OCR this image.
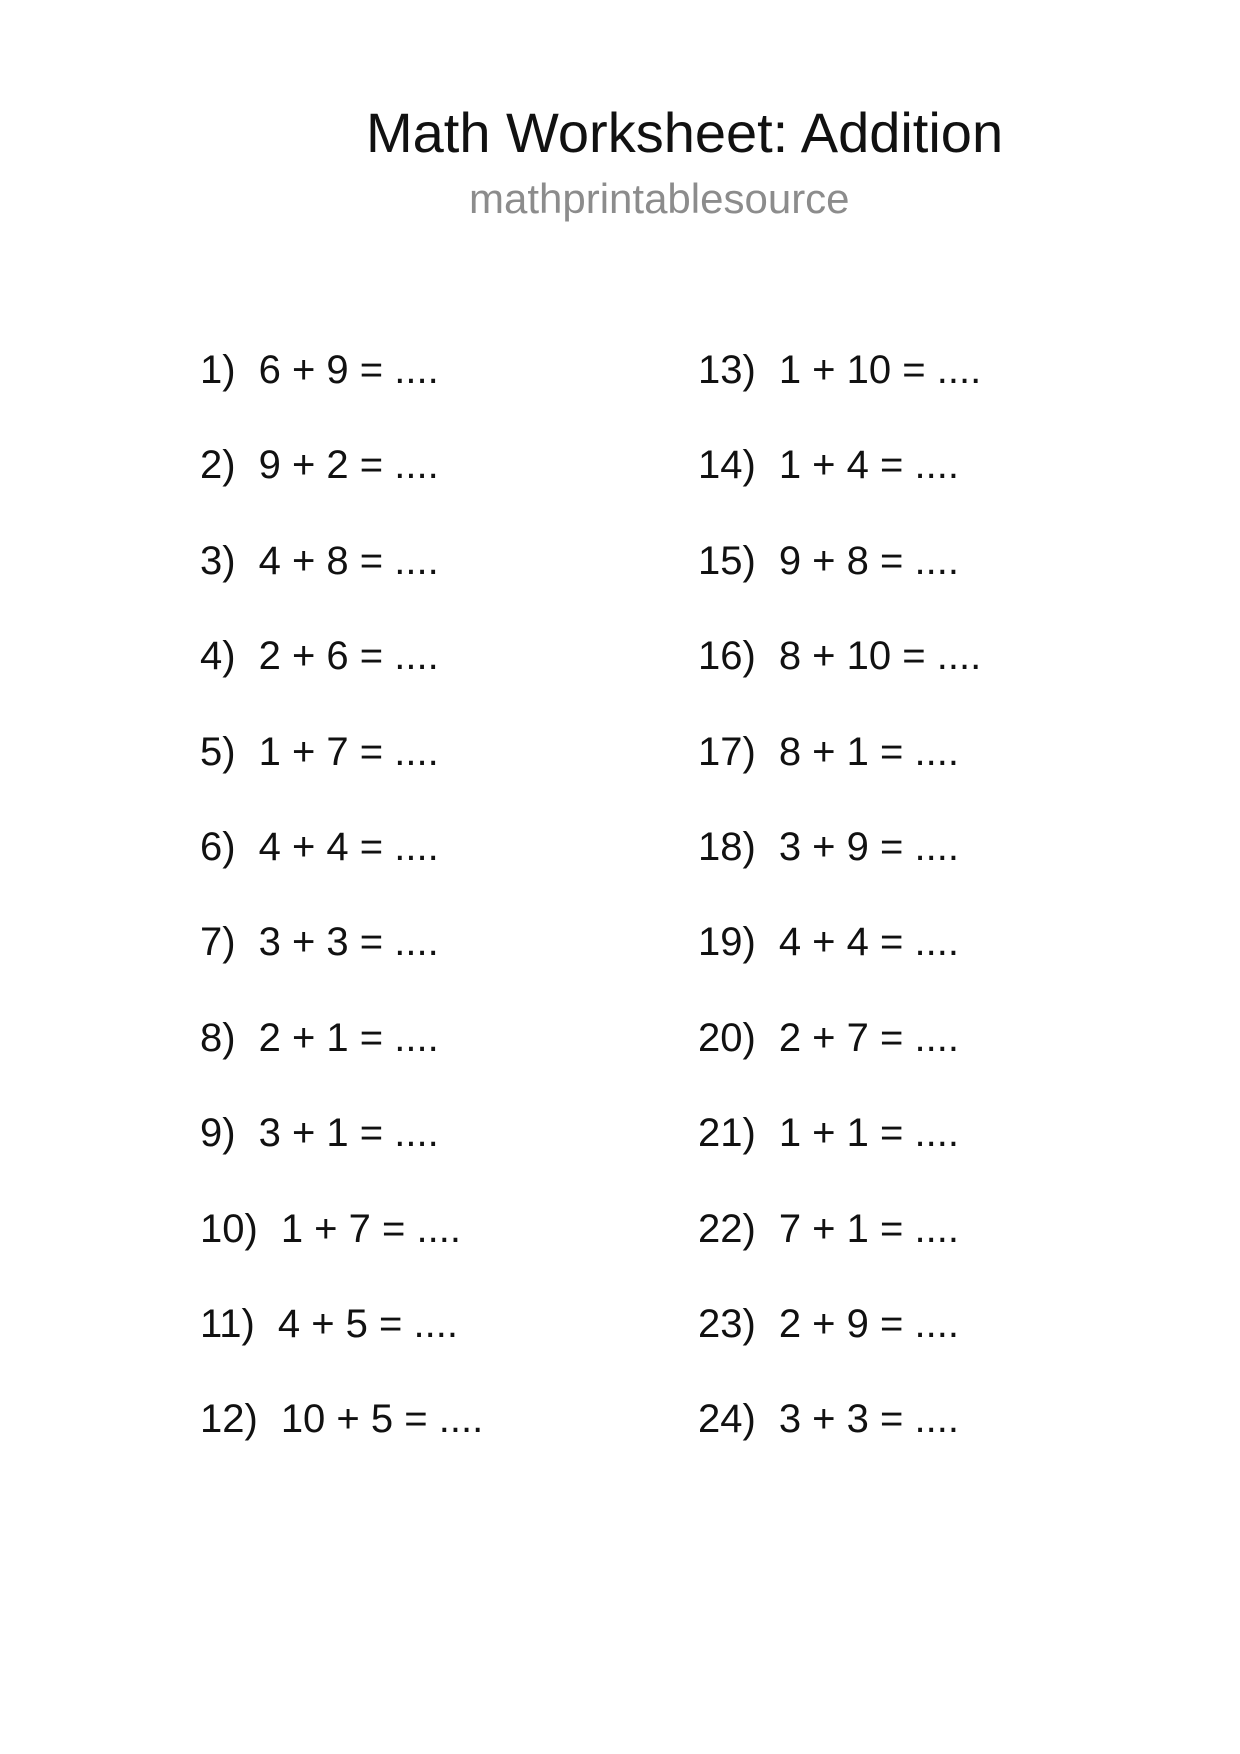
Math Worksheet: Addition
mathprintablesource
1) 6 + 9 = ....
2) 9 + 2 = ....
3) 4 + 8 = ....
4) 2 + 6 = ....
5) 1 + 7 = ....
6) 4 + 4 = ....
7) 3 + 3 = ....
8) 2 + 1 = ....
9) 3 + 1 = ....
10) 1 + 7 = ....
11) 4 + 5 = ....
12) 10 + 5 = ....
13) 1 + 10 = ....
14) 1 + 4 = ....
15) 9 + 8 = ....
16) 8 + 10 = ....
17) 8 + 1 = ....
18) 3 + 9 = ....
19) 4 + 4 = ....
20) 2 + 7 = ....
21) 1 + 1 = ....
22) 7 + 1 = ....
23) 2 + 9 = ....
24) 3 + 3 = ....
